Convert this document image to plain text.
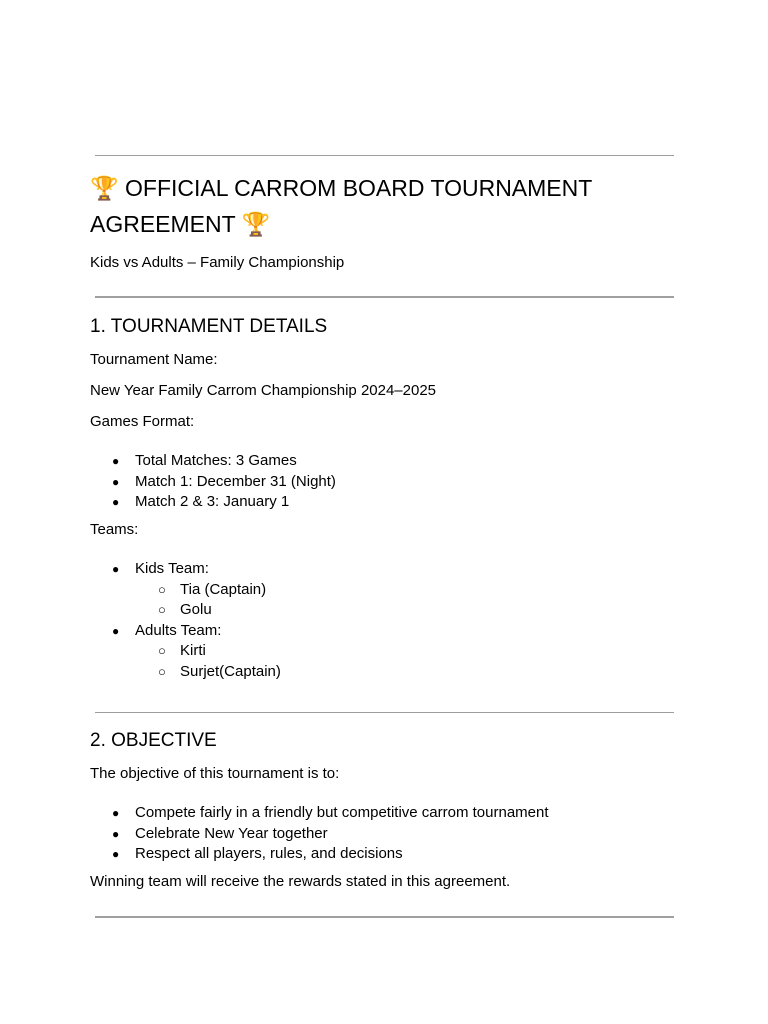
🏆 OFFICIAL CARROM BOARD TOURNAMENT AGREEMENT 🏆

Kids vs Adults – Family Championship

1. TOURNAMENT DETAILS

Tournament Name:

New Year Family Carrom Championship 2024–2025

Games Format:

● Total Matches: 3 Games
● Match 1: December 31 (Night)
● Match 2 & 3: January 1

Teams:

● Kids Team:
○ Tia (Captain)
○ Golu
● Adults Team:
○ Kirti
○ Surjet(Captain)
2. OBJECTIVE

The objective of this tournament is to:

● Compete fairly in a friendly but competitive carrom tournament
● Celebrate New Year together
● Respect all players, rules, and decisions

Winning team will receive the rewards stated in this agreement.
